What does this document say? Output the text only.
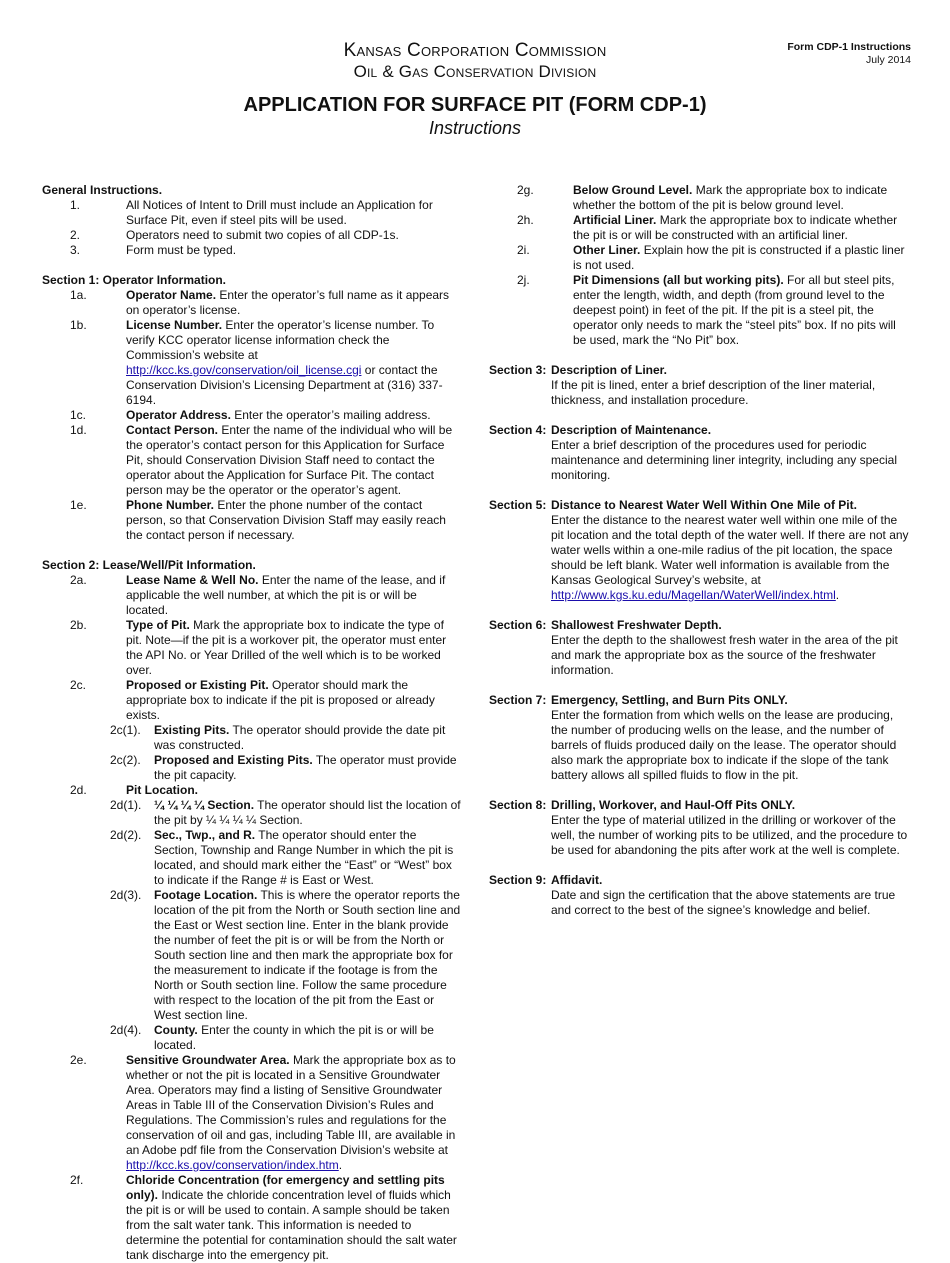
Kansas Corporation Commission
Oil & Gas Conservation Division
Form CDP-1 Instructions
July 2014
APPLICATION FOR SURFACE PIT (FORM CDP-1)
Instructions
General Instructions.
1.	All Notices of Intent to Drill must include an Application for Surface Pit, even if steel pits will be used.
2.	Operators need to submit two copies of all CDP-1s.
3.	Form must be typed.
Section 1: Operator Information.
1a.	Operator Name. Enter the operator’s full name as it appears on operator’s license.
1b.	License Number. Enter the operator’s license number. To verify KCC operator license information check the Commission’s website at http://kcc.ks.gov/conservation/oil_license.cgi or contact the Conservation Division’s Licensing Department at (316) 337-6194.
1c.	Operator Address. Enter the operator’s mailing address.
1d.	Contact Person. Enter the name of the individual who will be the operator’s contact person for this Application for Surface Pit, should Conservation Division Staff need to contact the operator about the Application for Surface Pit. The contact person may be the operator or the operator’s agent.
1e.	Phone Number. Enter the phone number of the contact person, so that Conservation Division Staff may easily reach the contact person if necessary.
Section 2: Lease/Well/Pit Information.
2a.	Lease Name & Well No. Enter the name of the lease, and if applicable the well number, at which the pit is or will be located.
2b.	Type of Pit. Mark the appropriate box to indicate the type of pit. Note—if the pit is a workover pit, the operator must enter the API No. or Year Drilled of the well which is to be worked over.
2c.	Proposed or Existing Pit. Operator should mark the appropriate box to indicate if the pit is proposed or already exists.
2c(1).	Existing Pits. The operator should provide the date pit was constructed.
2c(2).	Proposed and Existing Pits. The operator must provide the pit capacity.
2d.	Pit Location.
2d(1).	¼ ¼ ¼ ¼ Section. The operator should list the location of the pit by ¼ ¼ ¼ ¼ Section.
2d(2).	Sec., Twp., and R. The operator should enter the Section, Township and Range Number in which the pit is located, and should mark either the “East” or “West” box to indicate if the Range # is East or West.
2d(3).	Footage Location. This is where the operator reports the location of the pit from the North or South section line and the East or West section line. Enter in the blank provide the number of feet the pit is or will be from the North or South section line and then mark the appropriate box for the measurement to indicate if the footage is from the North or South section line. Follow the same procedure with respect to the location of the pit from the East or West section line.
2d(4).	County. Enter the county in which the pit is or will be located.
2e.	Sensitive Groundwater Area. Mark the appropriate box as to whether or not the pit is located in a Sensitive Groundwater Area. Operators may find a listing of Sensitive Groundwater Areas in Table III of the Conservation Division’s Rules and Regulations. The Commission’s rules and regulations for the conservation of oil and gas, including Table III, are available in an Adobe pdf file from the Conservation Division’s website at http://kcc.ks.gov/conservation/index.htm.
2f.	Chloride Concentration (for emergency and settling pits only). Indicate the chloride concentration level of fluids which the pit is or will be used to contain. A sample should be taken from the salt water tank. This information is needed to determine the potential for contamination should the salt water tank discharge into the emergency pit.
2g.	Below Ground Level. Mark the appropriate box to indicate whether the bottom of the pit is below ground level.
2h.	Artificial Liner. Mark the appropriate box to indicate whether the pit is or will be constructed with an artificial liner.
2i.	Other Liner. Explain how the pit is constructed if a plastic liner is not used.
2j.	Pit Dimensions (all but working pits). For all but steel pits, enter the length, width, and depth (from ground level to the deepest point) in feet of the pit. If the pit is a steel pit, the operator only needs to mark the “steel pits” box. If no pits will be used, mark the “No Pit” box.
Section 3: Description of Liner.
If the pit is lined, enter a brief description of the liner material, thickness, and installation procedure.
Section 4: Description of Maintenance.
Enter a brief description of the procedures used for periodic maintenance and determining liner integrity, including any special monitoring.
Section 5: Distance to Nearest Water Well Within One Mile of Pit.
Enter the distance to the nearest water well within one mile of the pit location and the total depth of the water well. If there are not any water wells within a one-mile radius of the pit location, the space should be left blank. Water well information is available from the Kansas Geological Survey’s website, at http://www.kgs.ku.edu/Magellan/WaterWell/index.html.
Section 6: Shallowest Freshwater Depth.
Enter the depth to the shallowest fresh water in the area of the pit and mark the appropriate box as the source of the freshwater information.
Section 7: Emergency, Settling, and Burn Pits ONLY.
Enter the formation from which wells on the lease are producing, the number of producing wells on the lease, and the number of barrels of fluids produced daily on the lease. The operator should also mark the appropriate box to indicate if the slope of the tank battery allows all spilled fluids to flow in the pit.
Section 8: Drilling, Workover, and Haul-Off Pits ONLY.
Enter the type of material utilized in the drilling or workover of the well, the number of working pits to be utilized, and the procedure to be used for abandoning the pits after work at the well is complete.
Section 9: Affidavit.
Date and sign the certification that the above statements are true and correct to the best of the signee’s knowledge and belief.
